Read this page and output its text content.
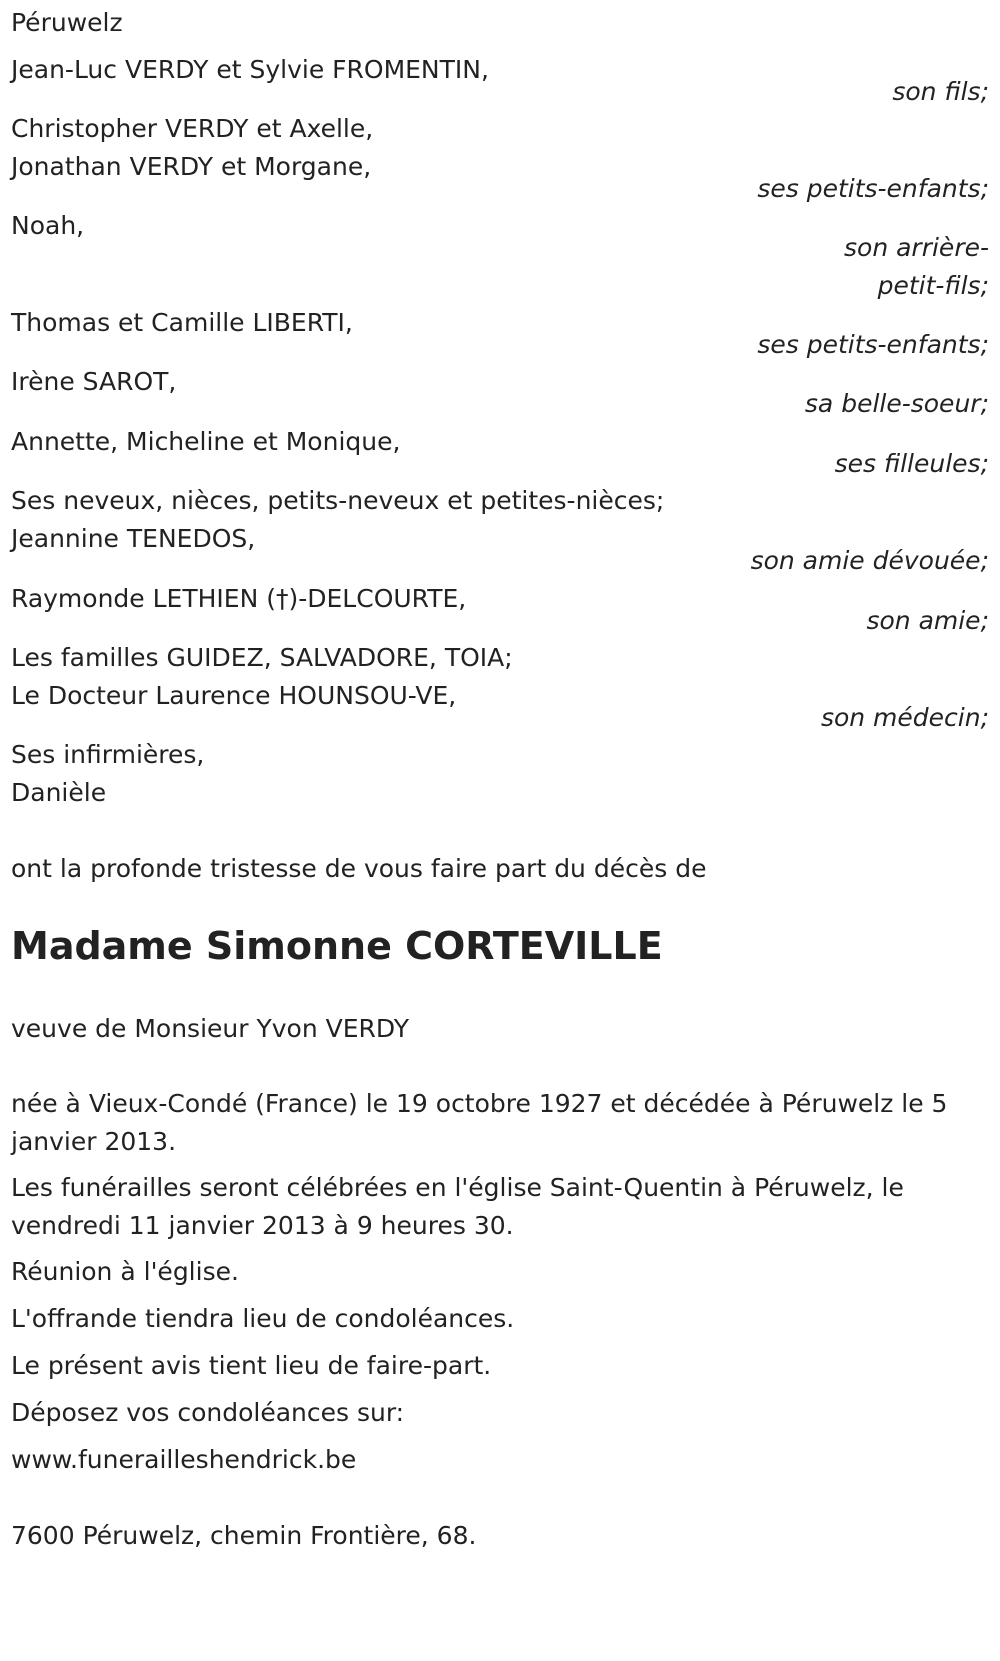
Péruwelz
Jean-Luc VERDY et Sylvie FROMENTIN,
son fils;
Christopher VERDY et Axelle,
Jonathan VERDY et Morgane,
ses petits-enfants;
Noah,
son arrière-
petit-fils;
Thomas et Camille LIBERTI,
ses petits-enfants;
Irène SAROT,
sa belle-soeur;
Annette, Micheline et Monique,
ses filleules;
Ses neveux, nièces, petits-neveux et petites-nièces;
Jeannine TENEDOS,
son amie dévouée;
Raymonde LETHIEN (†)-DELCOURTE,
son amie;
Les familles GUIDEZ, SALVADORE, TOIA;
Le Docteur Laurence HOUNSOU-VE,
son médecin;
Ses infirmières,
Danièle
ont la profonde tristesse de vous faire part du décès de
Madame Simonne CORTEVILLE
veuve de Monsieur Yvon VERDY
née à Vieux-Condé (France) le 19 octobre 1927 et décédée à Péruwelz le 5 janvier 2013.
Les funérailles seront célébrées en l'église Saint-Quentin à Péruwelz, le vendredi 11 janvier 2013 à 9 heures 30.
Réunion à l'église.
L'offrande tiendra lieu de condoléances.
Le présent avis tient lieu de faire-part.
Déposez vos condoléances sur:
www.funerailleshendrick.be
7600 Péruwelz, chemin Frontière, 68.
